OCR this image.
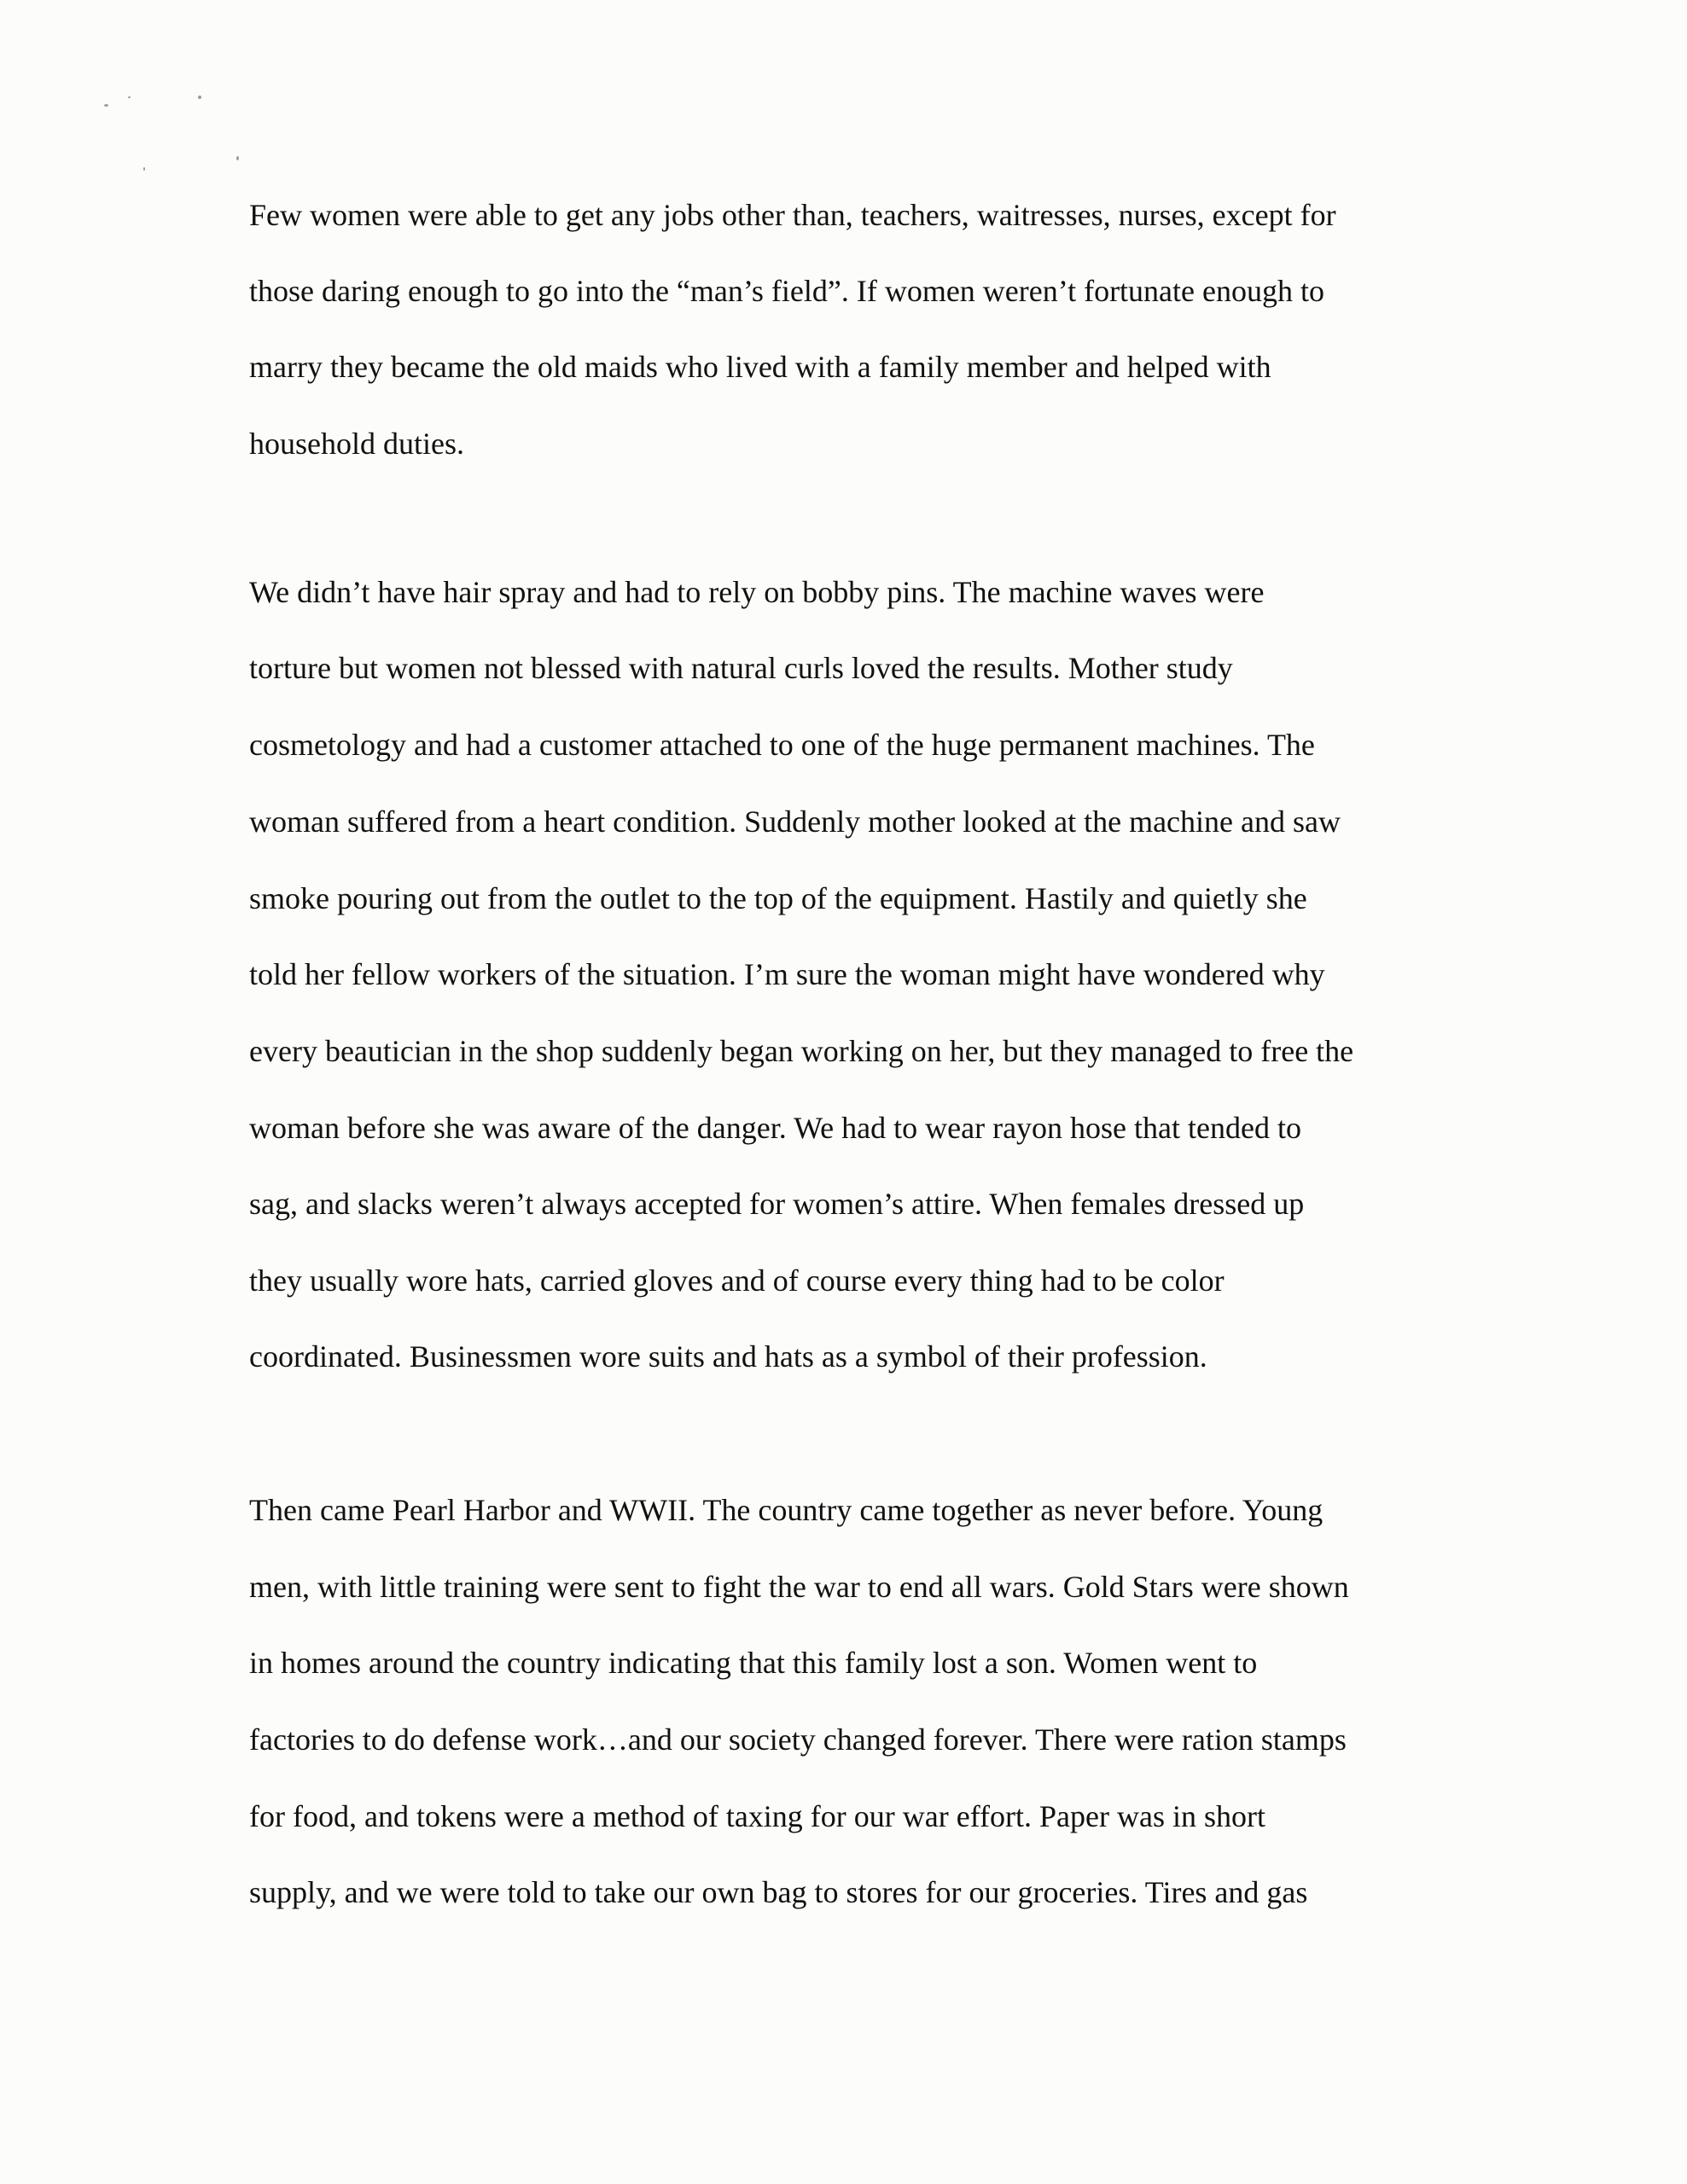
Few women were able to get any jobs other than, teachers, waitresses, nurses, except for
those daring enough to go into the “man’s field”. If women weren’t fortunate enough to
marry they became the old maids who lived with a family member and helped with
household duties.
We didn’t have hair spray and had to rely on bobby pins. The machine waves were
torture but women not blessed with natural curls loved the results. Mother study
cosmetology and had a customer attached to one of the huge permanent machines. The
woman suffered from a heart condition. Suddenly mother looked at the machine and saw
smoke pouring out from the outlet to the top of the equipment. Hastily and quietly she
told her fellow workers of the situation. I’m sure the woman might have wondered why
every beautician in the shop suddenly began working on her, but they managed to free the
woman before she was aware of the danger. We had to wear rayon hose that tended to
sag, and slacks weren’t always accepted for women’s attire. When females dressed up
they usually wore hats, carried gloves and of course every thing had to be color
coordinated. Businessmen wore suits and hats as a symbol of their profession.
Then came Pearl Harbor and WWII. The country came together as never before. Young
men, with little training were sent to fight the war to end all wars. Gold Stars were shown
in homes around the country indicating that this family lost a son. Women went to
factories to do defense work…and our society changed forever. There were ration stamps
for food, and tokens were a method of taxing for our war effort. Paper was in short
supply, and we were told to take our own bag to stores for our groceries. Tires and gas
